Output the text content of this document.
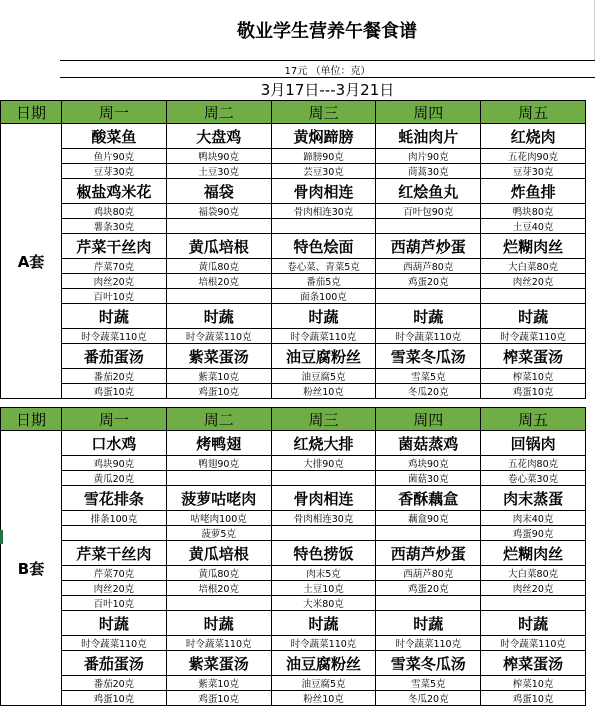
敬业学生营养午餐食谱
17元 （单位：克）
3月17日---3月21日
日期	周一	周二	周三	周四	周五
A套	酸菜鱼	大盘鸡	黄焖蹄膀	蚝油肉片	红烧肉
	鱼片90克	鸭块90克	蹄膀90克	肉片90克	五花肉90克
	豆芽30克	土豆30克	芸豆30克	茼蒿30克	豆芽30克
	椒盐鸡米花	福袋	骨肉相连	红烩鱼丸	炸鱼排
	鸡块80克	福袋90克	骨肉相连30克	百叶包90克	鸭块80克
	薯条30克				土豆40克
	芹菜干丝肉	黄瓜培根	特色烩面	西葫芦炒蛋	烂糊肉丝
	芹菜70克	黄瓜80克	卷心菜、青菜5克	西葫芦80克	大白菜80克
	肉丝20克	培根20克	番茄5克	鸡蛋20克	肉丝20克
	百叶10克		面条100克		
	时蔬	时蔬	时蔬	时蔬	时蔬
	时令蔬菜110克	时令蔬菜110克	时令蔬菜110克	时令蔬菜110克	时令蔬菜110克
	番茄蛋汤	紫菜蛋汤	油豆腐粉丝	雪菜冬瓜汤	榨菜蛋汤
	番茄20克	紫菜10克	油豆腐5克	雪菜5克	榨菜10克
	鸡蛋10克	鸡蛋10克	粉丝10克	冬瓜20克	鸡蛋10克
日期	周一	周二	周三	周四	周五
B套	口水鸡	烤鸭翅	红烧大排	菌菇蒸鸡	回锅肉
	鸡块90克	鸭翅90克	大排90克	鸡块90克	五花肉80克
	黄瓜20克			菌菇30克	卷心菜30克
	雪花排条	菠萝咕咾肉	骨肉相连	香酥藕盒	肉末蒸蛋
	排条100克	咕咾肉100克	骨肉相连30克	藕盒90克	肉末40克
		菠萝5克			鸡蛋90克
	芹菜干丝肉	黄瓜培根	特色捞饭	西葫芦炒蛋	烂糊肉丝
	芹菜70克	黄瓜80克	肉末5克	西葫芦80克	大白菜80克
	肉丝20克	培根20克	土豆10克	鸡蛋20克	肉丝20克
	百叶10克		大米80克		
	时蔬	时蔬	时蔬	时蔬	时蔬
	时令蔬菜110克	时令蔬菜110克	时令蔬菜110克	时令蔬菜110克	时令蔬菜110克
	番茄蛋汤	紫菜蛋汤	油豆腐粉丝	雪菜冬瓜汤	榨菜蛋汤
	番茄20克	紫菜10克	油豆腐5克	雪菜5克	榨菜10克
	鸡蛋10克	鸡蛋10克	粉丝10克	冬瓜20克	鸡蛋10克
